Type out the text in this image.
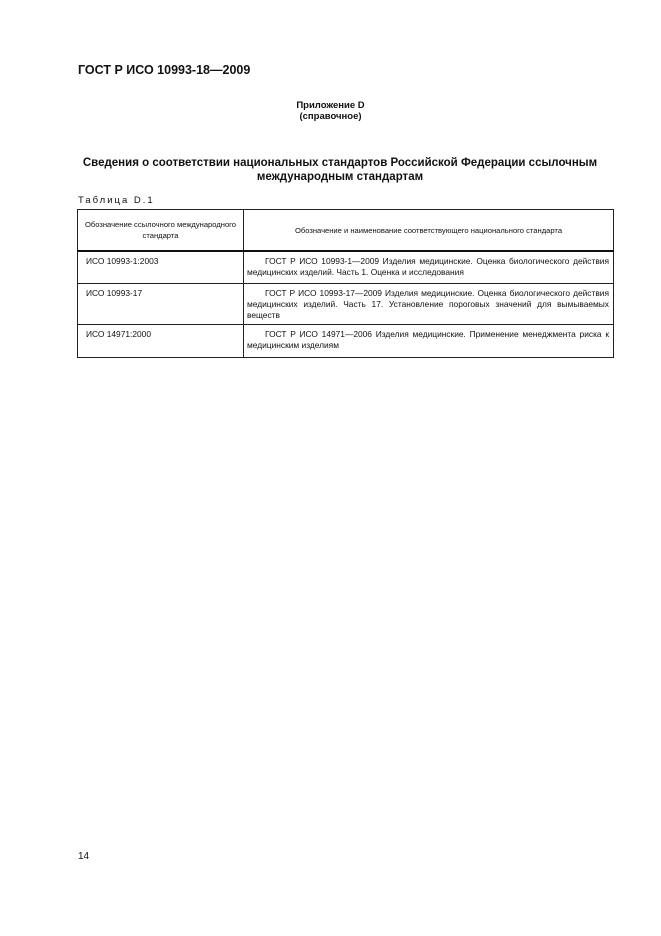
ГОСТ Р ИСО 10993-18—2009
Приложение D
(справочное)
Сведения о соответствии национальных стандартов Российской Федерации ссылочным международным стандартам
Таблица D.1
Обозначение ссылочного международного стандарта	Обозначение и наименование соответствующего национального стандарта
ИСО 10993-1:2003	ГОСТ Р ИСО 10993-1—2009 Изделия медицинские. Оценка биологического действия медицинских изделий. Часть 1. Оценка и исследования

ИСО 10993-17	ГОСТ Р ИСО 10993-17—2009 Изделия медицинские. Оценка биологического действия медицинских изделий. Часть 17. Установление пороговых значений для вымываемых веществ

ИСО 14971:2000	ГОСТ Р ИСО 14971—2006 Изделия медицинские. Применение менеджмента риска к медицинским изделиям
14
